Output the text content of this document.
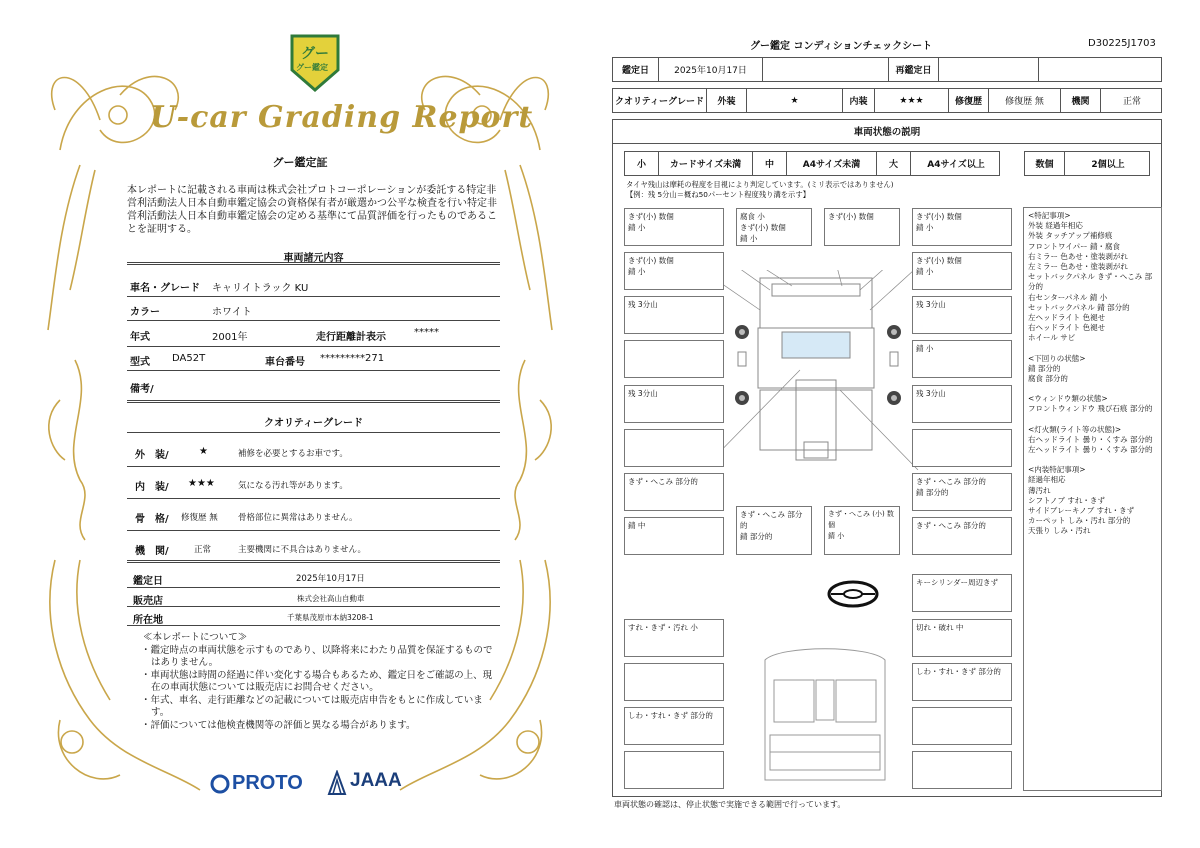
グー
グー鑑定
U-car Grading Report
グー鑑定証
本レポートに記載される車両は株式会社プロトコーポレーションが委託する特定非営利活動法人日本自動車鑑定協会の資格保有者が厳選かつ公平な検査を行い特定非営利活動法人日本自動車鑑定協会の定める基準にて品質評価を行ったものであることを証明する。
車両諸元内容
車名・グレード キャリイトラック KU
カラー	ホワイト
年式	2001年	走行距離計表示	*****
型式 DA52T	車台番号 *********271
備考/
クオリティーグレード
外　装/	★	補修を必要とするお車です。
内　装/ ★★★	気になる汚れ等があります。
骨　格/ 修復歴 無 骨格部位に異常はありません。
機　関/	正常	主要機関に不具合はありません。
鑑定日	2025年10月17日
販売店	株式会社高山自動車
所在地	千葉県茂原市本納3208-1
≪本レポートについて≫
・鑑定時点の車両状態を示すものであり、以降将来にわたり品質を保証するものではありません。
・車両状態は時間の経過に伴い変化する場合もあるため、鑑定日をご確認の上、現在の車両状態については販売店にお問合せください。
・年式、車名、走行距離などの記載については販売店申告をもとに作成しています。
・評価については他検査機関等の評価と異なる場合があります。
PROTO JAAA
グー鑑定 コンディションチェックシート	D30225J1703
鑑定日	2025年10月17日	再鑑定日
クオリティーグレード	外装	★	内装	★★★	修復歴	修復歴 無	機関	正常
車両状態の説明
小	カードサイズ未満	中	A4サイズ未満	大	A4サイズ以上	数個	2個以上
タイヤ残山は摩耗の程度を目視により判定しています。(ミリ表示ではありません)
【例：残 5分山＝概ね50パーセント程度残り溝を示す】
きず(小) 数個
錆 小
腐食 小
きず(小) 数個
錆 小
きず(小) 数個	きず(小) 数個
錆 小
きず(小) 数個
錆 小
きず(小) 数個
錆 小
残 3分山	残 3分山
錆 小
残 3分山	残 3分山
きず・へこみ 部分的	きず・へこみ 部分的
錆 部分的
錆 中
きず・へこみ 部分的
錆 部分的
きず・へこみ (小) 数個
錆 小
きず・へこみ 部分的
キーシリンダー周辺きず
すれ・きず・汚れ 小	切れ・破れ 中
しわ・すれ・きず 部分的
しわ・すれ・きず 部分的
<特記事項>
外装 経過年相応
外装 タッチアップ補修痕
フロントワイパー 錆・腐食
右ミラー 色あせ・塗装剥がれ
左ミラー 色あせ・塗装剥がれ
セットバックパネル きず・へこみ 部分的
右センターパネル 錆 小
セットバックパネル 錆 部分的
左ヘッドライト 色褪せ
右ヘッドライト 色褪せ
ホイール サビ
<下回りの状態>
錆 部分的
腐食 部分的
<ウィンドウ類の状態>
フロントウィンドウ 飛び石痕 部分的
<灯火類(ライト等の状態)>
右ヘッドライト 曇り・くすみ 部分的
左ヘッドライト 曇り・くすみ 部分的
<内装特記事項>
経過年相応
薄汚れ
シフトノブ すれ・きず
サイドブレーキノブ すれ・きず
カーペット しみ・汚れ 部分的
天張り しみ・汚れ
車両状態の確認は、停止状態で実施できる範囲で行っています。
